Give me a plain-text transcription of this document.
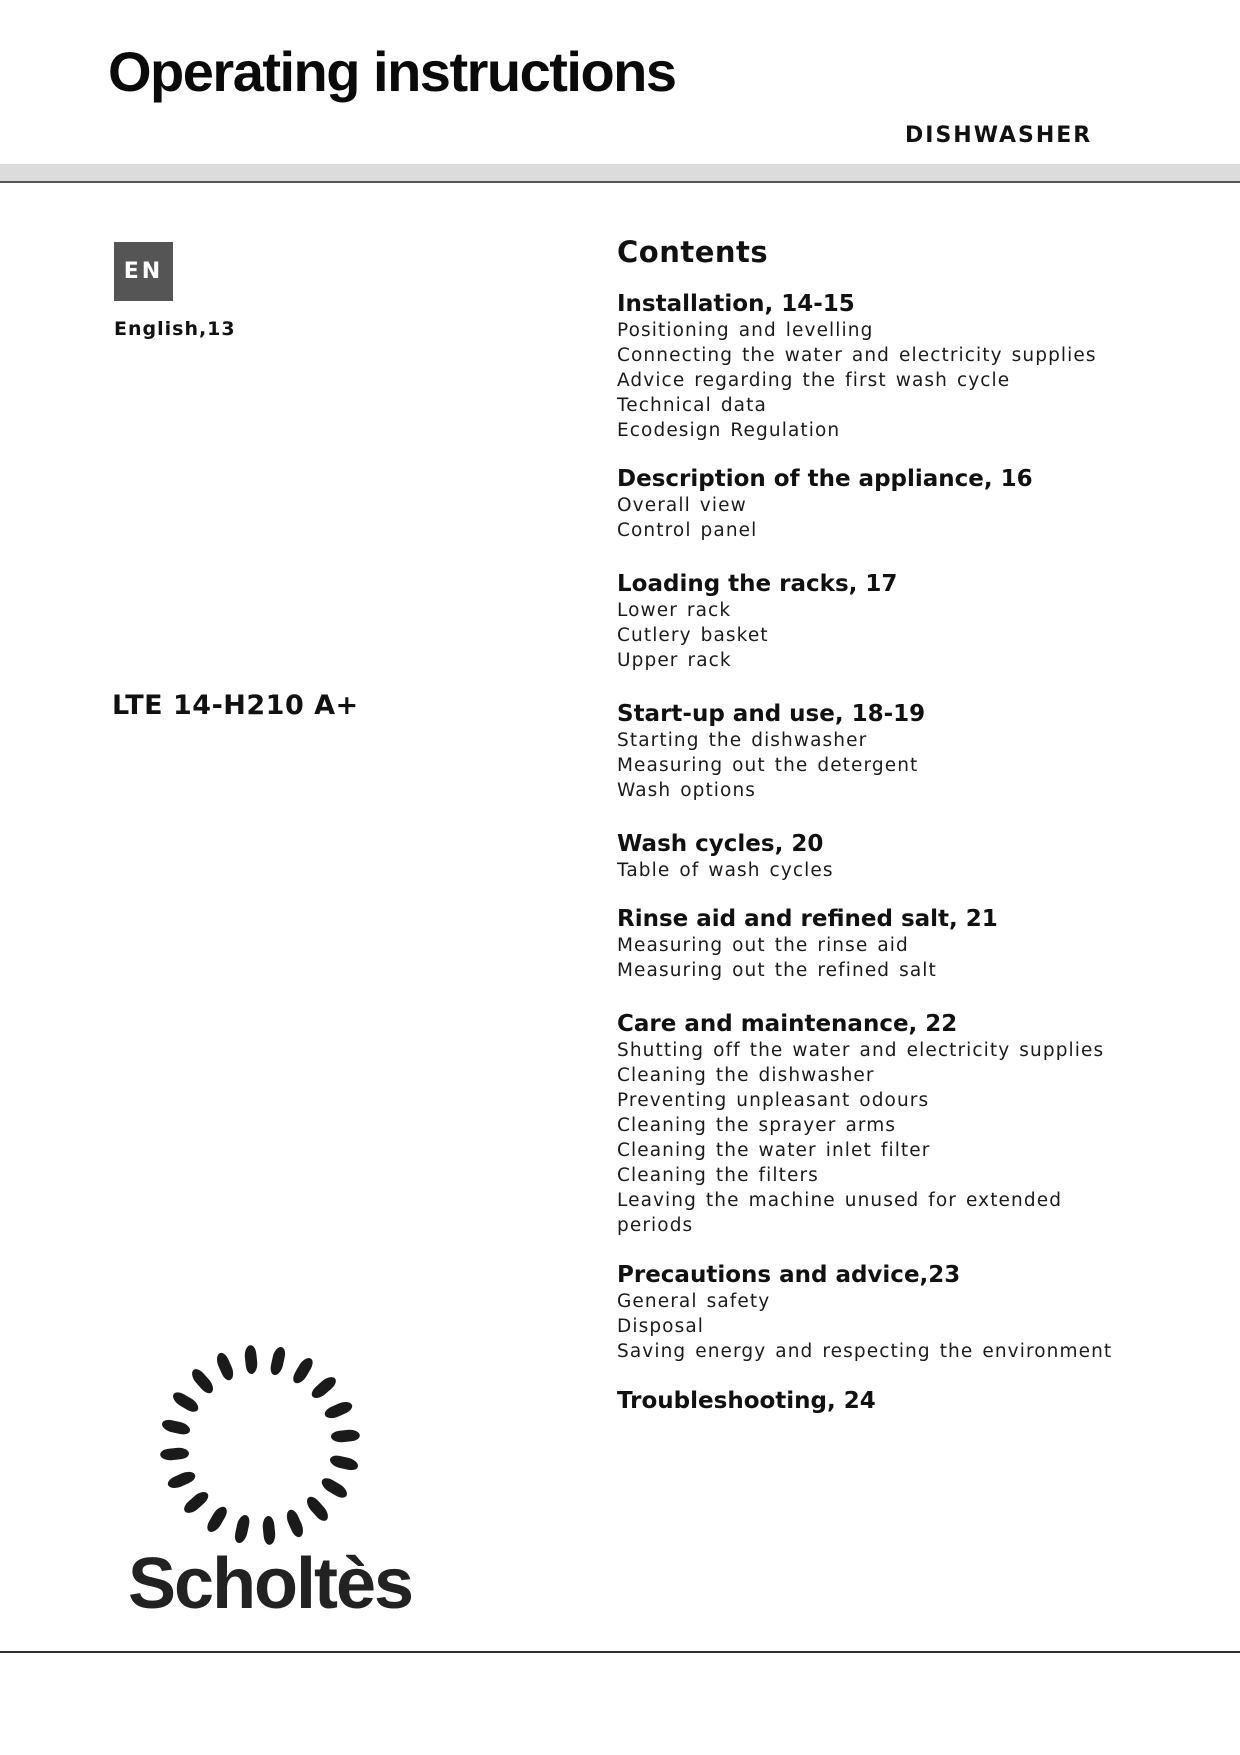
Operating instructions
DISHWASHER
EN
English,13
LTE 14-H210 A+
Contents
Installation, 14-15
Positioning and levelling
Connecting the water and electricity supplies
Advice regarding the first wash cycle
Technical data
Ecodesign Regulation
Description of the appliance, 16
Overall view
Control panel
Loading the racks, 17
Lower rack
Cutlery basket
Upper rack
Start-up and use, 18-19
Starting the dishwasher
Measuring out the detergent
Wash options
Wash cycles, 20
Table of wash cycles
Rinse aid and refined salt, 21
Measuring out the rinse aid
Measuring out the refined salt
Care and maintenance, 22
Shutting off the water and electricity supplies
Cleaning the dishwasher
Preventing unpleasant odours
Cleaning the sprayer arms
Cleaning the water inlet filter
Cleaning the filters
Leaving the machine unused for extended
periods
Precautions and advice,23
General safety
Disposal
Saving energy and respecting the environment
Troubleshooting, 24
Scholtès
